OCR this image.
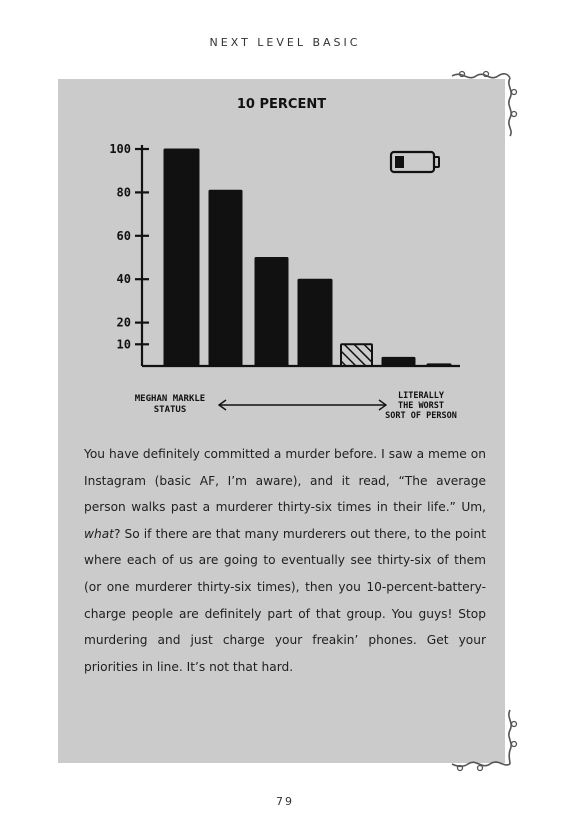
NEXT LEVEL BASIC
10 PERCENT
100
80
60
40
20
10
MEGHAN MARKLE
STATUS
LITERALLY
THE WORST
SORT OF PERSON
You have definitely committed a murder before. I saw a meme on Instagram (basic AF, I’m aware), and it read, “The average person walks past a murderer thirty-six times in their life.” Um, what? So if there are that many murderers out there, to the point where each of us are going to eventually see thirty-six of them (or one murderer thirty-six times), then you 10-percent-battery-charge people are definitely part of that group. You guys! Stop murdering and just charge your freakin’ phones. Get your priorities in line. It’s not that hard.
79
